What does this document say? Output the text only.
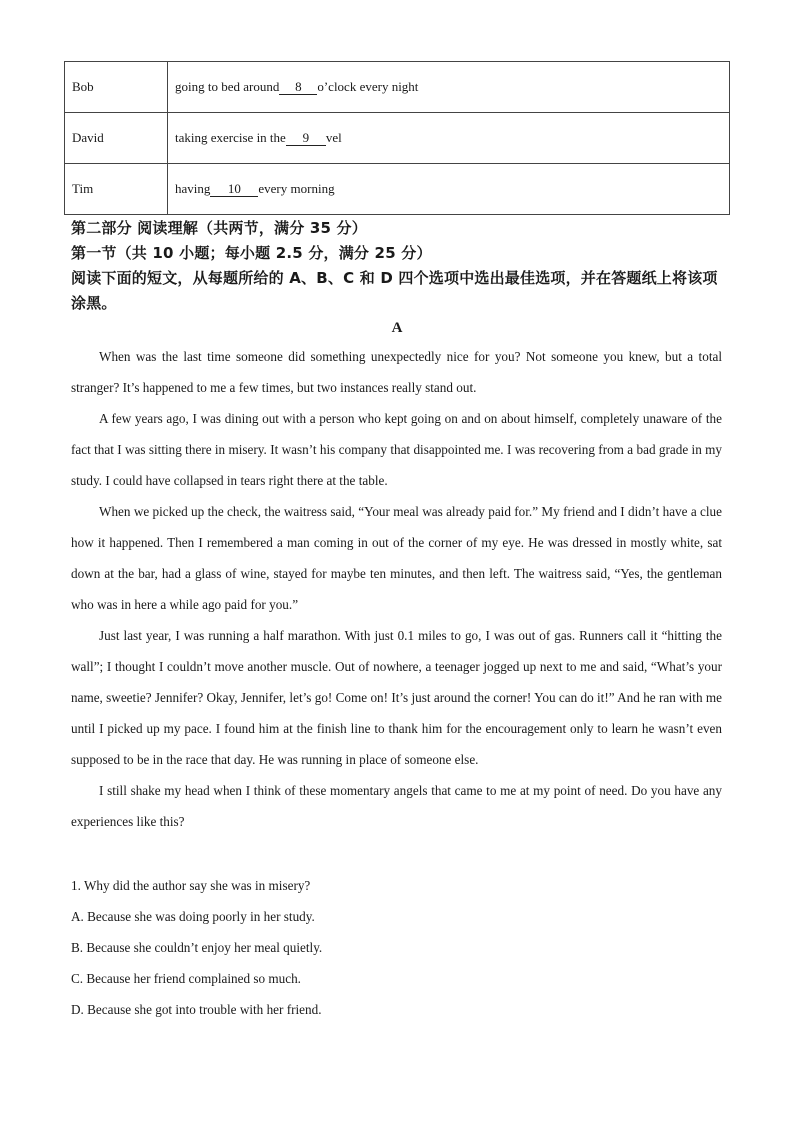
Bob	going to bed around 8 o’clock every night
David	taking exercise in the 9 vel
Tim	having 10 every morning

第二部分 阅读理解（共两节，满分 35 分）

第一节（共 10 小题；每小题 2.5 分，满分 25 分）

阅读下面的短文，从每题所给的 A、B、C 和 D 四个选项中选出最佳选项，并在答题纸上将该项涂黑。

A

When was the last time someone did something unexpectedly nice for you? Not someone you knew, but a total stranger? It’s happened to me a few times, but two instances really stand out.

A few years ago, I was dining out with a person who kept going on and on about himself, completely unaware of the fact that I was sitting there in misery. It wasn’t his company that disappointed me. I was recovering from a bad grade in my study. I could have collapsed in tears right there at the table.

When we picked up the check, the waitress said, “Your meal was already paid for.” My friend and I didn’t have a clue how it happened. Then I remembered a man coming in out of the corner of my eye. He was dressed in mostly white, sat down at the bar, had a glass of wine, stayed for maybe ten minutes, and then left. The waitress said, “Yes, the gentleman who was in here a while ago paid for you.”

Just last year, I was running a half marathon. With just 0.1 miles to go, I was out of gas. Runners call it “hitting the wall”; I thought I couldn’t move another muscle. Out of nowhere, a teenager jogged up next to me and said, “What’s your name, sweetie? Jennifer? Okay, Jennifer, let’s go! Come on! It’s just around the corner! You can do it!” And he ran with me until I picked up my pace. I found him at the finish line to thank him for the encouragement only to learn he wasn’t even supposed to be in the race that day. He was running in place of someone else.

I still shake my head when I think of these momentary angels that came to me at my point of need. Do you have any experiences like this?

1. Why did the author say she was in misery?

A. Because she was doing poorly in her study.

B. Because she couldn’t enjoy her meal quietly.

C. Because her friend complained so much.

D. Because she got into trouble with her friend.
